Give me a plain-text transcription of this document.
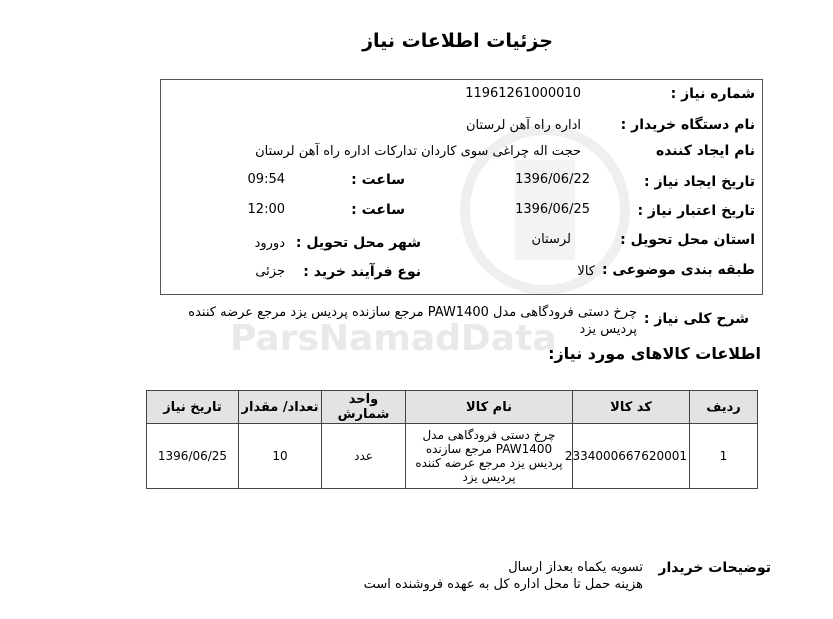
ParsNamadData
جزئیات اطلاعات نیاز
شماره نیاز :
11961261000010
نام دستگاه خریدار :
اداره راه آهن لرستان
نام ایجاد کننده
حجت اله چراغی سوی کاردان تدارکات اداره راه آهن لرستان
تاریخ ایجاد نیاز :
1396/06/22
ساعت :
09:54
تاریخ اعتبار نیاز :
1396/06/25
ساعت :
12:00
استان محل تحویل :
لرستان
شهر محل تحویل :
دورود
طبقه بندی موضوعی :
کالا
نوع فرآیند خرید :
جزئی
شرح کلی نیاز :
چرخ دستی فرودگاهی مدل PAW1400 مرجع سازنده پردیس یزد مرجع عرضه کننده پردیس یزد
اطلاعات کالاهای مورد نیاز:
ردیف	کد کالا	نام کالا	واحد شمارش	تعداد/ مقدار	تاریخ نیاز
1	2334000667620001	چرخ دستی فرودگاهی مدل PAW1400 مرجع سازنده پردیس یزد مرجع عرضه کننده پردیس یزد	عدد	10	1396/06/25
توضیحات خریدار
تسویه یکماه بعداز ارسال
هزینه حمل تا محل اداره کل به عهده فروشنده است
